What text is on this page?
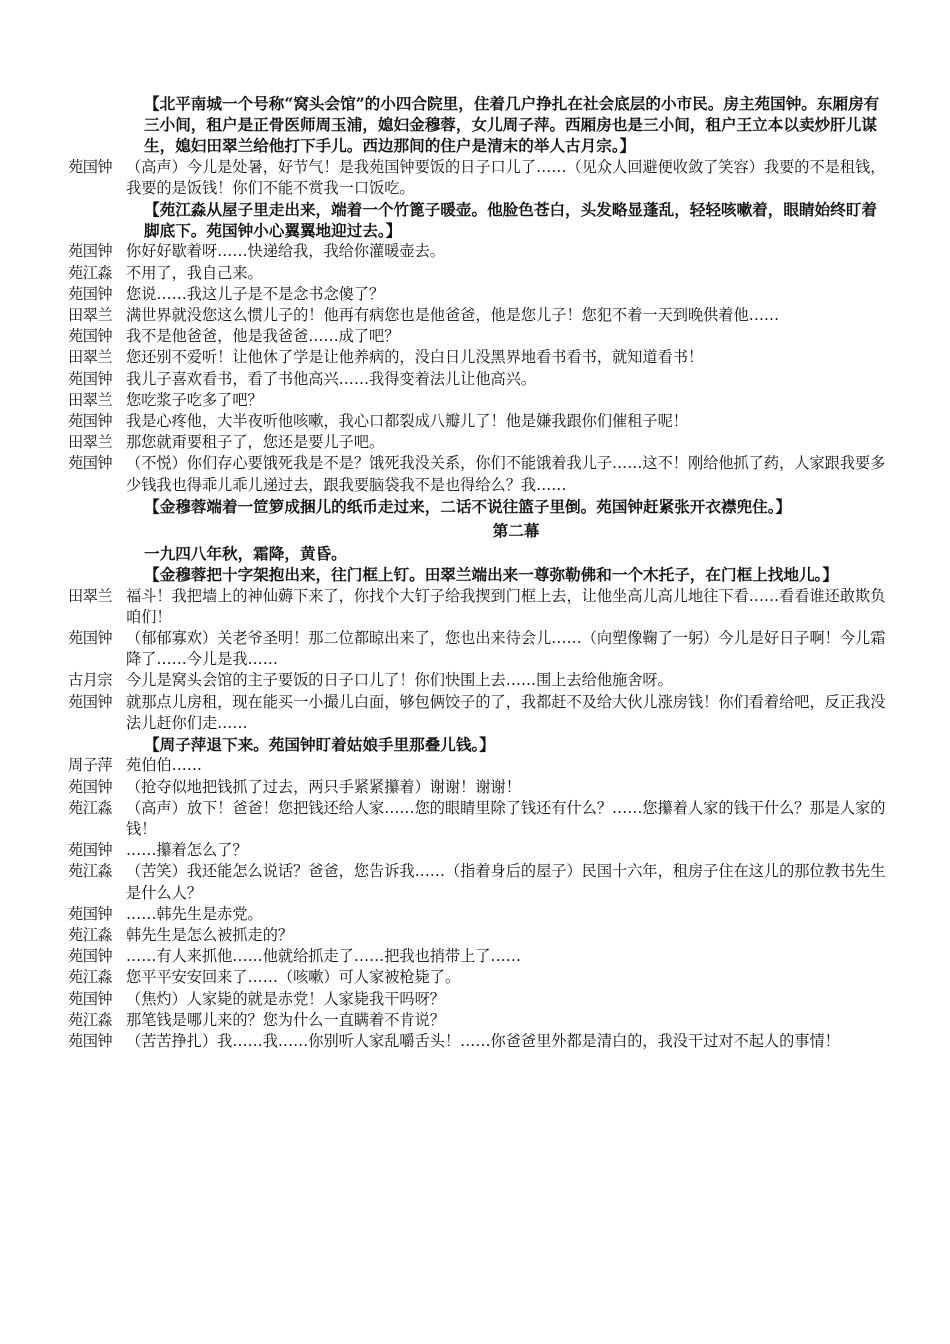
【北平南城一个号称“窝头会馆”的小四合院里，住着几户挣扎在社会底层的小市民。房主苑国钟。东厢房有三小间，租户是正骨医师周玉浦，媳妇金穆蓉，女儿周子萍。西厢房也是三小间，租户王立本以卖炒肝儿谋生，媳妇田翠兰给他打下手儿。西边那间的住户是清末的举人古月宗。】
苑国钟 （高声）今儿是处暑，好节气！是我苑国钟要饭的日子口儿了……（见众人回避便收敛了笑容）我要的不是租钱，我要的是饭钱！你们不能不赏我一口饭吃。
【苑江淼从屋子里走出来，端着一个竹篦子暖壶。他脸色苍白，头发略显蓬乱，轻轻咳嗽着，眼睛始终盯着脚底下。苑国钟小心翼翼地迎过去。】
苑国钟 你好好歇着呀……快递给我，我给你灌暖壶去。
苑江淼 不用了，我自己来。
苑国钟 您说……我这儿子是不是念书念傻了？
田翠兰 满世界就没您这么惯儿子的！他再有病您也是他爸爸，他是您儿子！您犯不着一天到晚供着他……
苑国钟 我不是他爸爸，他是我爸爸……成了吧？
田翠兰 您还别不爱听！让他休了学是让他养病的，没白日儿没黑界地看书看书，就知道看书！
苑国钟 我儿子喜欢看书，看了书他高兴……我得变着法儿让他高兴。
田翠兰 您吃浆子吃多了吧？
苑国钟 我是心疼他，大半夜听他咳嗽，我心口都裂成八瓣儿了！他是嫌我跟你们催租子呢！
田翠兰 那您就甭要租子了，您还是要儿子吧。
苑国钟 （不悦）你们存心要饿死我是不是？饿死我没关系，你们不能饿着我儿子……这不！刚给他抓了药，人家跟我要多少钱我也得乖儿乖儿递过去，跟我要脑袋我不是也得给么？我……
【金穆蓉端着一笸箩成捆儿的纸币走过来，二话不说往篮子里倒。苑国钟赶紧张开衣襟兜住。】
第二幕
一九四八年秋，霜降，黄昏。
【金穆蓉把十字架抱出来，往门框上钉。田翠兰端出来一尊弥勒佛和一个木托子，在门框上找地儿。】
田翠兰 福斗！我把墙上的神仙薅下来了，你找个大钉子给我揳到门框上去，让他坐高儿高儿地往下看……看看谁还敢欺负咱们！
苑国钟 （郁郁寡欢）关老爷圣明！那二位都晾出来了，您也出来待会儿……（向塑像鞠了一躬）今儿是好日子啊！今儿霜降了……今儿是我……
古月宗 今儿是窝头会馆的主子要饭的日子口儿了！你们快围上去……围上去给他施舍呀。
苑国钟 就那点儿房租，现在能买一小撮儿白面，够包俩饺子的了，我都赶不及给大伙儿涨房钱！你们看着给吧，反正我没法儿赶你们走……
【周子萍退下来。苑国钟盯着姑娘手里那叠儿钱。】
周子萍 苑伯伯……
苑国钟 （抢夺似地把钱抓了过去，两只手紧紧攥着）谢谢！谢谢！
苑江淼 （高声）放下！爸爸！您把钱还给人家……您的眼睛里除了钱还有什么？……您攥着人家的钱干什么？那是人家的钱！
苑国钟 ……攥着怎么了？
苑江淼 （苦笑）我还能怎么说话？爸爸，您告诉我……（指着身后的屋子）民国十六年，租房子住在这儿的那位教书先生是什么人？
苑国钟 ……韩先生是赤党。
苑江淼 韩先生是怎么被抓走的？
苑国钟 ……有人来抓他……他就给抓走了……把我也捎带上了……
苑江淼 您平平安安回来了……（咳嗽）可人家被枪毙了。
苑国钟 （焦灼）人家毙的就是赤党！人家毙我干吗呀？
苑江淼 那笔钱是哪儿来的？您为什么一直瞒着不肯说？
苑国钟 （苦苦挣扎）我……我……你别听人家乱嚼舌头！……你爸爸里外都是清白的，我没干过对不起人的事情！
